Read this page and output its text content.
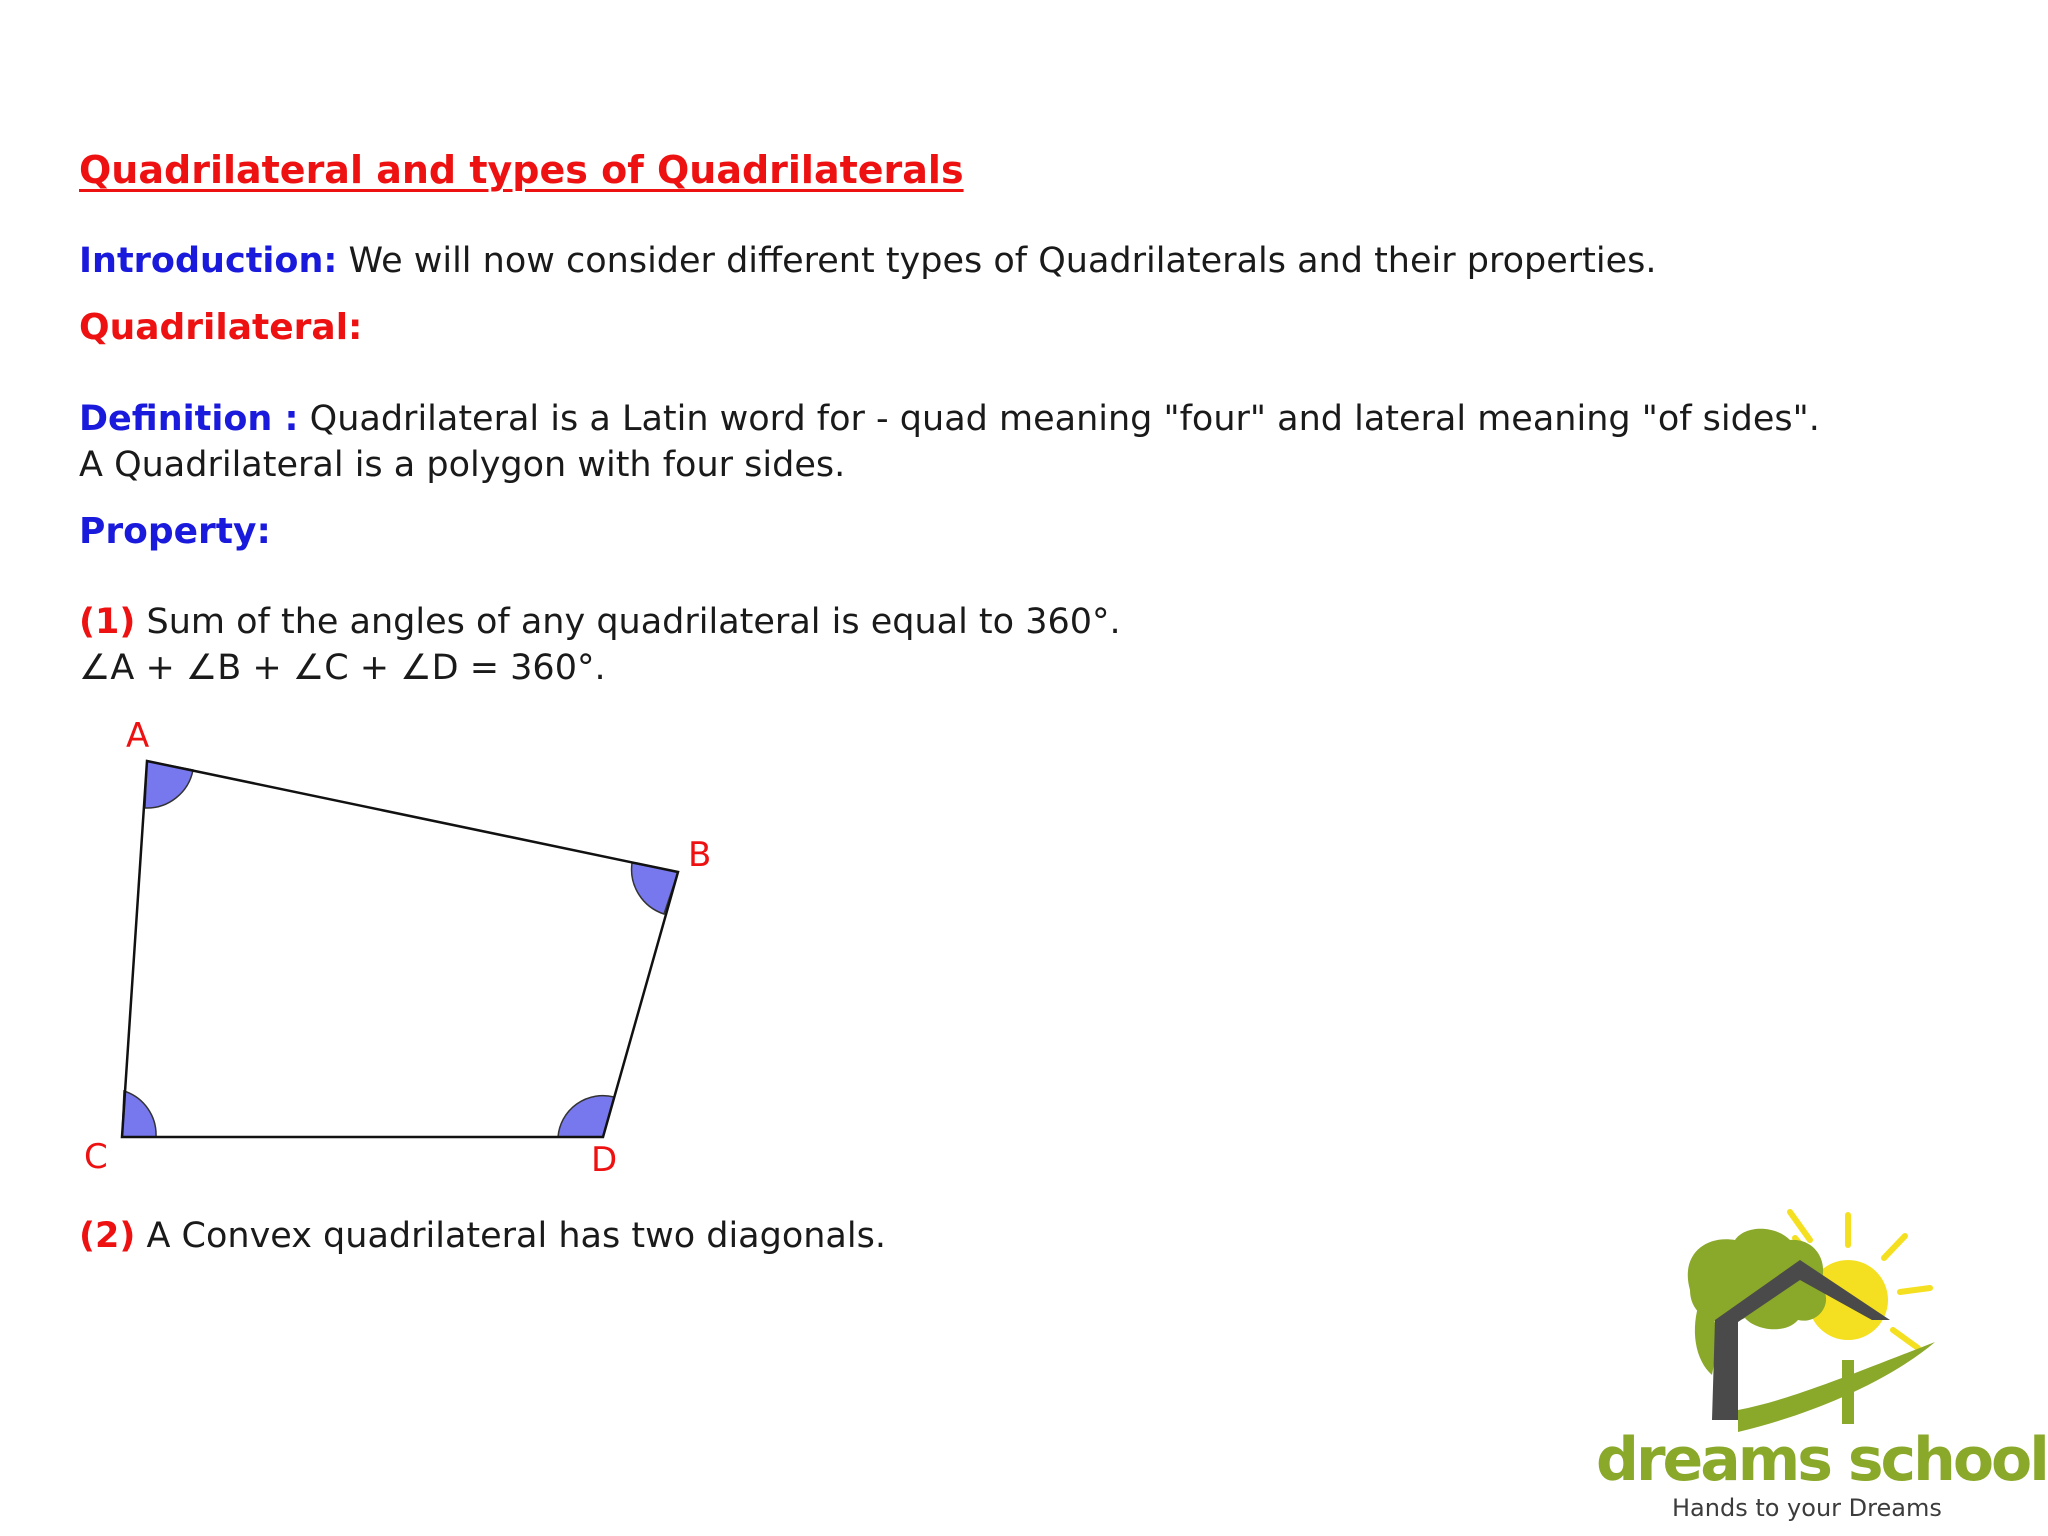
Quadrilateral and types of Quadrilaterals
Introduction: We will now consider different types of Quadrilaterals and their properties.
Quadrilateral:
Definition : Quadrilateral is a Latin word for - quad meaning "four" and lateral meaning "of sides".
A Quadrilateral is a polygon with four sides.
Property:
(1) Sum of the angles of any quadrilateral is equal to 360°.
∠A + ∠B + ∠C + ∠D = 360°.
(2) A Convex quadrilateral has two diagonals.
A
B
C	D
dreams school
Hands to your Dreams
